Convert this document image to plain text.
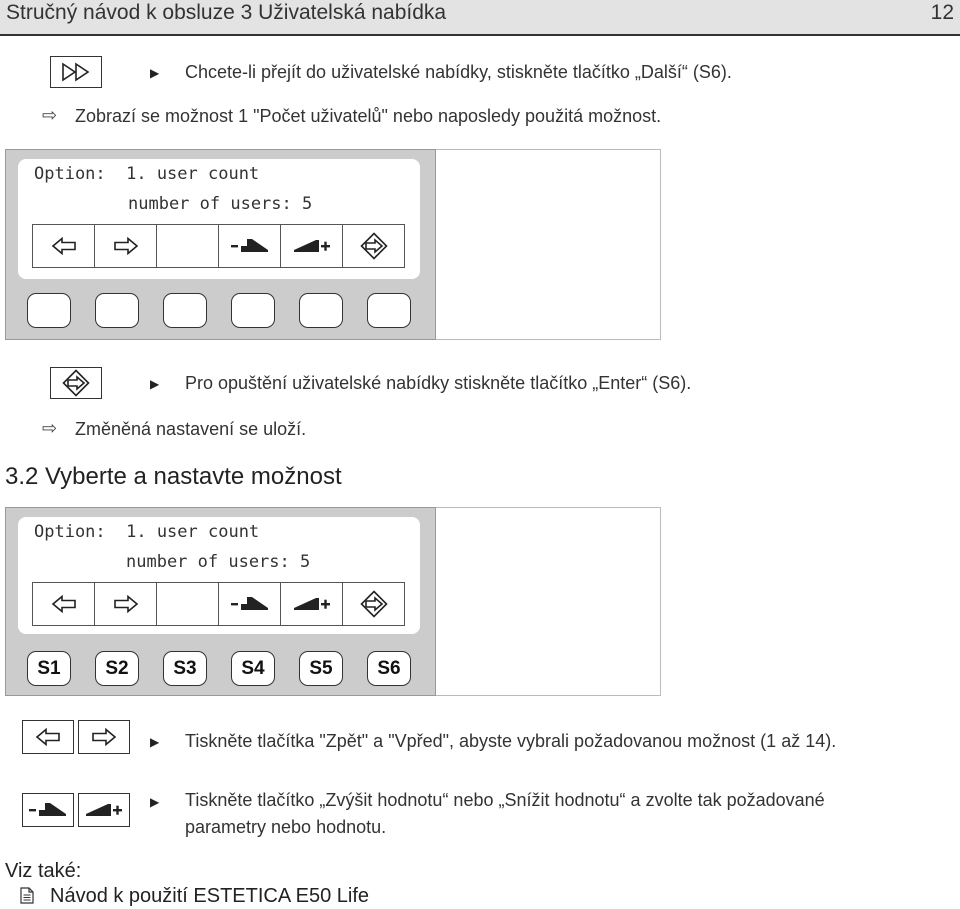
Stručný návod k obsluze 3 Uživatelská nabídka	12
▶ Chcete-li přejít do uživatelské nabídky, stiskněte tlačítko „Další“ (S6).
⇨ Zobrazí se možnost 1 "Počet uživatelů" nebo naposledy použitá možnost.
Option:  1. user count
number of users: 5
▶ Pro opuštění uživatelské nabídky stiskněte tlačítko „Enter“ (S6).
⇨ Změněná nastavení se uloží.
3.2 Vyberte a nastavte možnost
Option:  1. user count
number of users: 5
S1	S2	S3	S4	S5	S6
▶ Tiskněte tlačítka "Zpět" a "Vpřed", abyste vybrali požadovanou možnost (1 až 14).
▶ Tiskněte tlačítko „Zvýšit hodnotu“ nebo „Snížit hodnotu“ a zvolte tak požadované
parametry nebo hodnotu.
Viz také:
Návod k použití ESTETICA E50 Life
